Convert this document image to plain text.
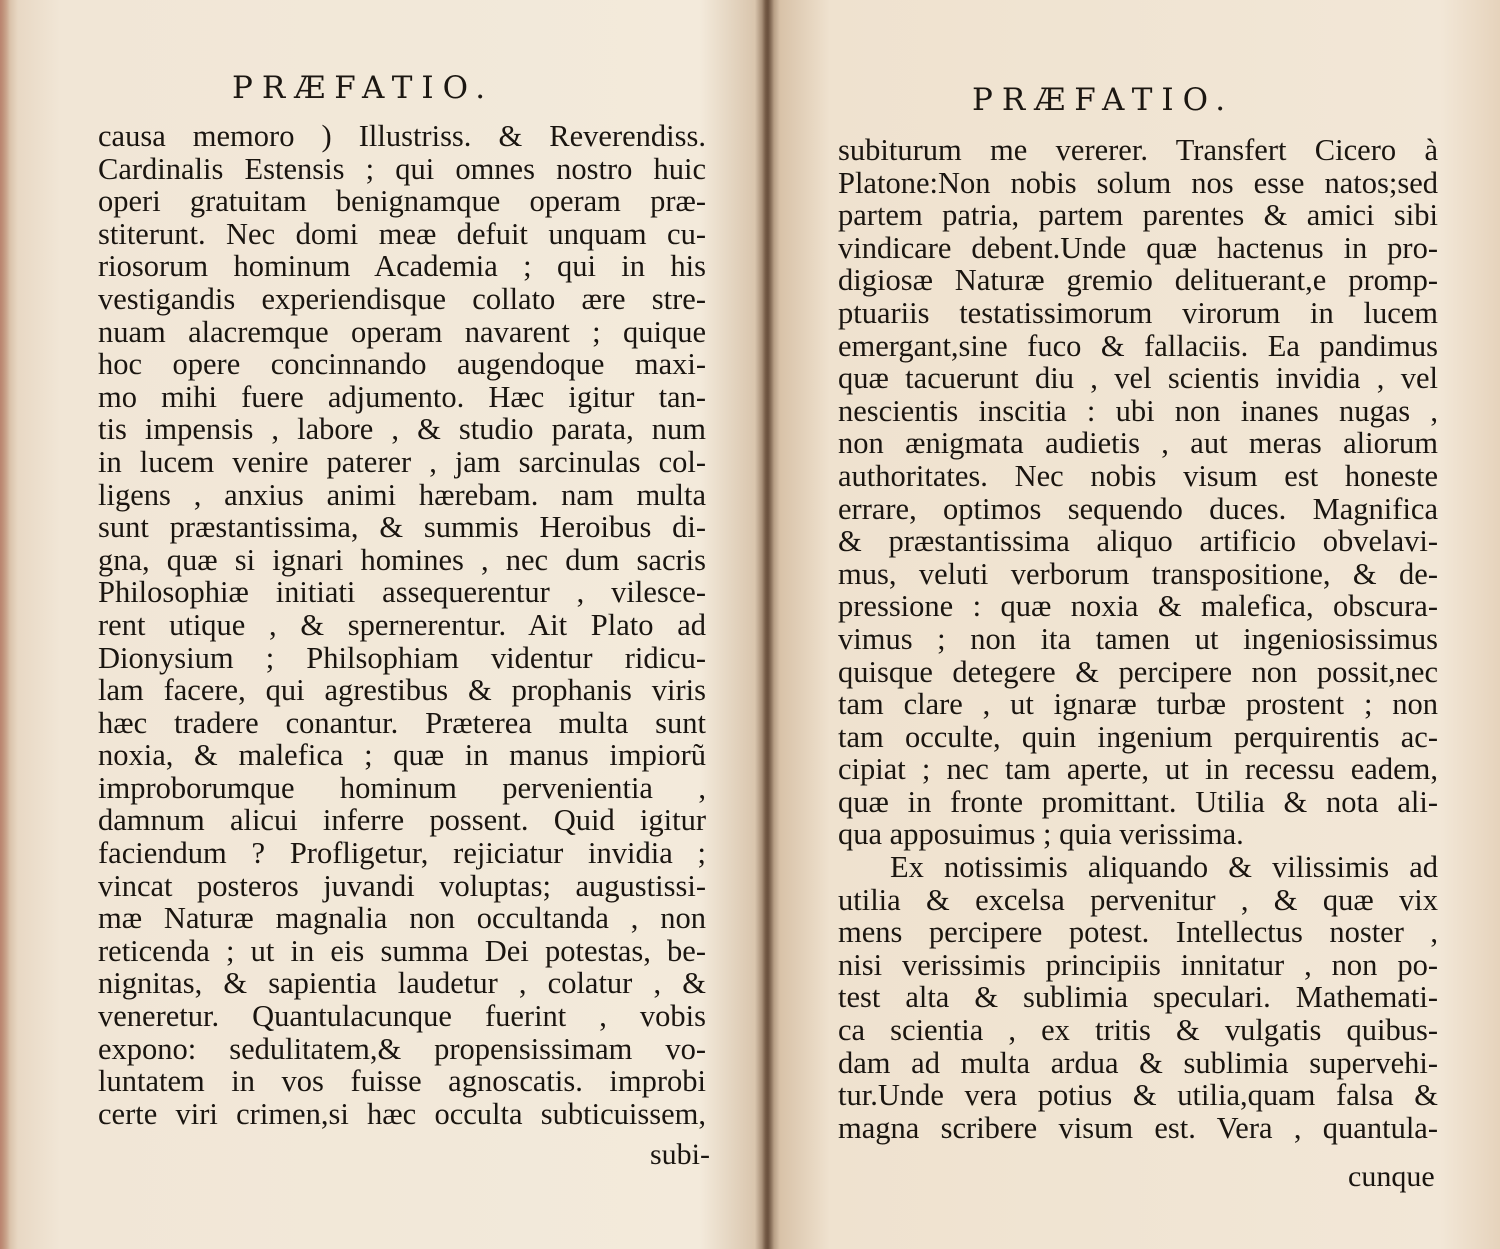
PRÆFATIO.
causa memoro ) Illustriss. & Reverendiss.
Cardinalis Estensis ; qui omnes nostro huic
operi gratuitam benignamque operam præ-
stiterunt. Nec domi meæ defuit unquam cu-
riosorum hominum Academia ; qui in his
vestigandis experiendisque collato ære stre-
nuam alacremque operam navarent ; quique
hoc opere concinnando augendoque maxi-
mo mihi fuere adjumento. Hæc igitur tan-
tis impensis , labore , & studio parata, num
in lucem venire paterer , jam sarcinulas col-
ligens , anxius animi hærebam. nam multa
sunt præstantissima, & summis Heroibus di-
gna, quæ si ignari homines , nec dum sacris
Philosophiæ initiati assequerentur , vilesce-
rent utique , & spernerentur. Ait Plato ad
Dionysium ; Philsophiam videntur ridicu-
lam facere, qui agrestibus & prophanis viris
hæc tradere conantur. Præterea multa sunt
noxia, & malefica ; quæ in manus impiorũ
improborumque hominum pervenientia ,
damnum alicui inferre possent. Quid igitur
faciendum ? Profligetur, rejiciatur invidia ;
vincat posteros juvandi voluptas; augustissi-
mæ Naturæ magnalia non occultanda , non
reticenda ; ut in eis summa Dei potestas, be-
nignitas, & sapientia laudetur , colatur , &
veneretur. Quantulacunque fuerint , vobis
expono: sedulitatem,& propensissimam vo-
luntatem in vos fuisse agnoscatis. improbi
certe viri crimen,si hæc occulta subticuissem,
subi-
PRÆFATIO.
subiturum me vererer. Transfert Cicero à
Platone:Non nobis solum nos esse natos;sed
partem patria, partem parentes & amici sibi
vindicare debent.Unde quæ hactenus in pro-
digiosæ Naturæ gremio delituerant,e promp-
ptuariis testatissimorum virorum in lucem
emergant,sine fuco & fallaciis. Ea pandimus
quæ tacuerunt diu , vel scientis invidia , vel
nescientis inscitia : ubi non inanes nugas ,
non ænigmata audietis , aut meras aliorum
authoritates. Nec nobis visum est honeste
errare, optimos sequendo duces. Magnifica
& præstantissima aliquo artificio obvelavi-
mus, veluti verborum transpositione, & de-
pressione : quæ noxia & malefica, obscura-
vimus ; non ita tamen ut ingeniosissimus
quisque detegere & percipere non possit,nec
tam clare , ut ignaræ turbæ prostent ; non
tam occulte, quin ingenium perquirentis ac-
cipiat ; nec tam aperte, ut in recessu eadem,
quæ in fronte promittant. Utilia & nota ali-
qua apposuimus ; quia verissima.
Ex notissimis aliquando & vilissimis ad
utilia & excelsa pervenitur , & quæ vix
mens percipere potest. Intellectus noster ,
nisi verissimis principiis innitatur , non po-
test alta & sublimia speculari. Mathemati-
ca scientia , ex tritis & vulgatis quibus-
dam ad multa ardua & sublimia supervehi-
tur.Unde vera potius & utilia,quam falsa &
magna scribere visum est. Vera , quantula-
cunque
